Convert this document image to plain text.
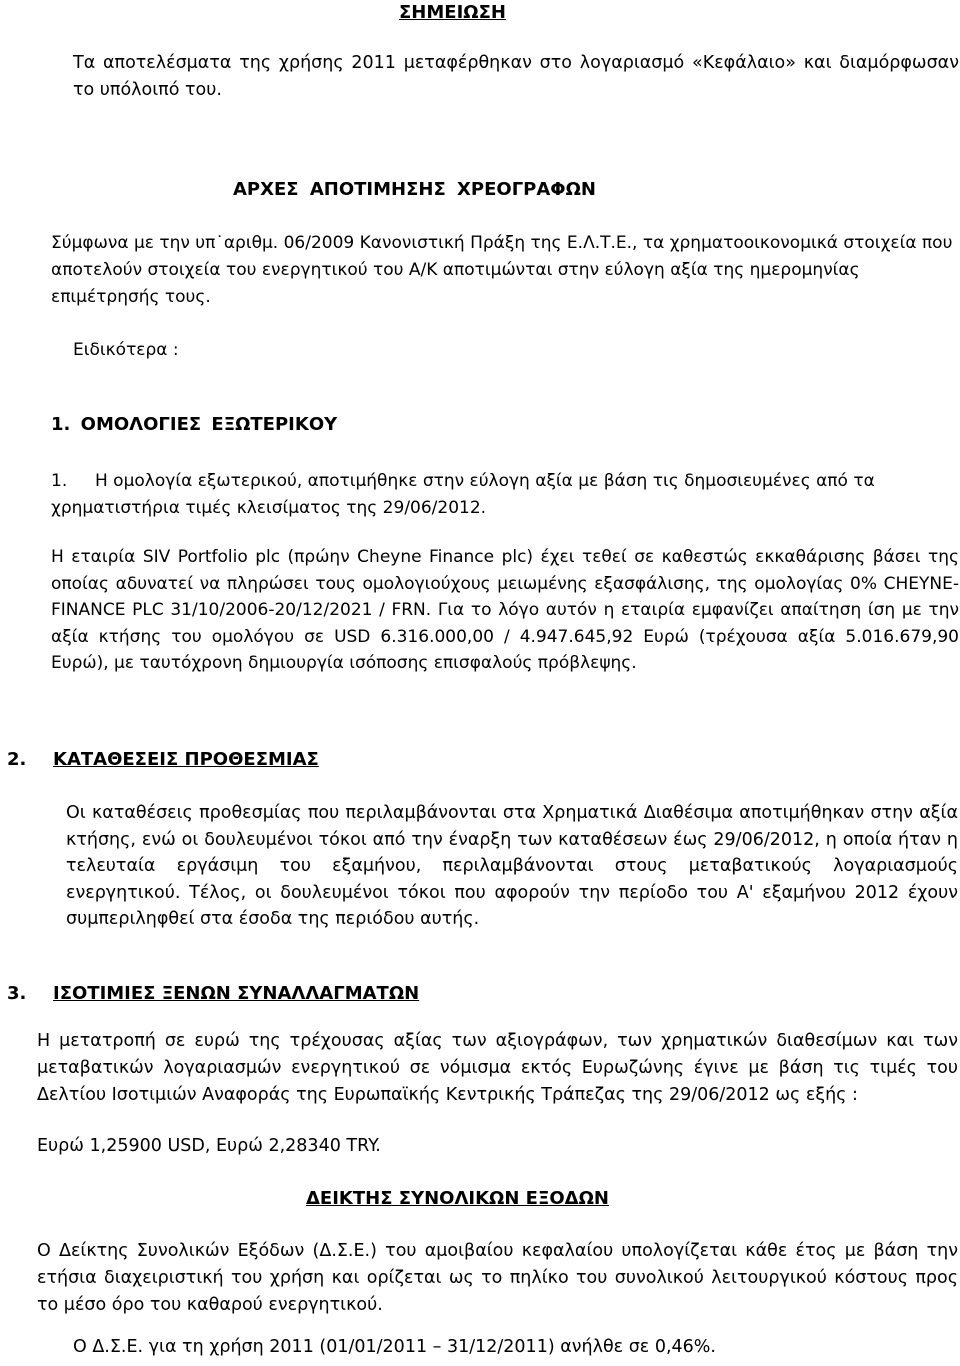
ΣΗΜΕΙΩΣΗ

Τα αποτελέσματα της χρήσης 2011 μεταφέρθηκαν στο λογαριασμό «Κεφάλαιο» και διαμόρφωσαν το υπόλοιπό του.

ΑΡΧΕΣ ΑΠΟΤΙΜΗΣΗΣ ΧΡΕΟΓΡΑΦΩΝ

Σύμφωνα με την υπ˙αριθμ. 06/2009 Κανονιστική Πράξη της Ε.Λ.Τ.Ε., τα χρηματοοικονομικά στοιχεία που αποτελούν στοιχεία του ενεργητικού του Α/Κ αποτιμώνται στην εύλογη αξία της ημερομηνίας επιμέτρησής τους.

Ειδικότερα :
1. ΟΜΟΛΟΓΙΕΣ ΕΞΩΤΕΡΙΚΟΥ
1. Η ομολογία εξωτερικού, αποτιμήθηκε στην εύλογη αξία με βάση τις δημοσιευμένες από τα
χρηματιστήρια τιμές κλεισίματος της 29/06/2012.

Η εταιρία SIV Portfolio plc (πρώην Cheyne Finance plc) έχει τεθεί σε καθεστώς εκκαθάρισης βάσει της οποίας αδυνατεί να πληρώσει τους ομολογιούχους μειωμένης εξασφάλισης, της ομολογίας 0% CHEYNE-FINANCE PLC 31/10/2006-20/12/2021 / FRN. Για το λόγο αυτόν η εταιρία εμφανίζει απαίτηση ίση με την αξία κτήσης του ομολόγου σε USD 6.316.000,00 / 4.947.645,92 Ευρώ (τρέχουσα αξία 5.016.679,90 Ευρώ), με ταυτόχρονη δημιουργία ισόποσης επισφαλούς πρόβλεψης.

2. ΚΑΤΑΘΕΣΕΙΣ ΠΡΟΘΕΣΜΙΑΣ

Οι καταθέσεις προθεσμίας που περιλαμβάνονται στα Χρηματικά Διαθέσιμα αποτιμήθηκαν στην αξία κτήσης, ενώ οι δουλευμένοι τόκοι από την έναρξη των καταθέσεων έως 29/06/2012, η οποία ήταν η τελευταία εργάσιμη του εξαμήνου, περιλαμβάνονται στους μεταβατικούς λογαριασμούς ενεργητικού. Τέλος, οι δουλευμένοι τόκοι που αφορούν την περίοδο του Α' εξαμήνου 2012 έχουν συμπεριληφθεί στα έσοδα της περιόδου αυτής.

3. ΙΣΟΤΙΜΙΕΣ ΞΕΝΩΝ ΣΥΝΑΛΛΑΓΜΑΤΩΝ

Η μετατροπή σε ευρώ της τρέχουσας αξίας των αξιογράφων, των χρηματικών διαθεσίμων και των μεταβατικών λογαριασμών ενεργητικού σε νόμισμα εκτός Ευρωζώνης έγινε με βάση τις τιμές του Δελτίου Ισοτιμιών Αναφοράς της Ευρωπαϊκής Κεντρικής Τράπεζας της 29/06/2012 ως εξής :

Ευρώ 1,25900 USD, Ευρώ 2,28340 TRY.
ΔΕΙΚΤΗΣ ΣΥΝΟΛΙΚΩΝ ΕΞΟΔΩΝ

Ο Δείκτης Συνολικών Εξόδων (Δ.Σ.Ε.) του αμοιβαίου κεφαλαίου υπολογίζεται κάθε έτος με βάση την ετήσια διαχειριστική του χρήση και ορίζεται ως το πηλίκο του συνολικού λειτουργικού κόστους προς το μέσο όρο του καθαρού ενεργητικού.

Ο Δ.Σ.Ε. για τη χρήση 2011 (01/01/2011 – 31/12/2011) ανήλθε σε 0,46%.
